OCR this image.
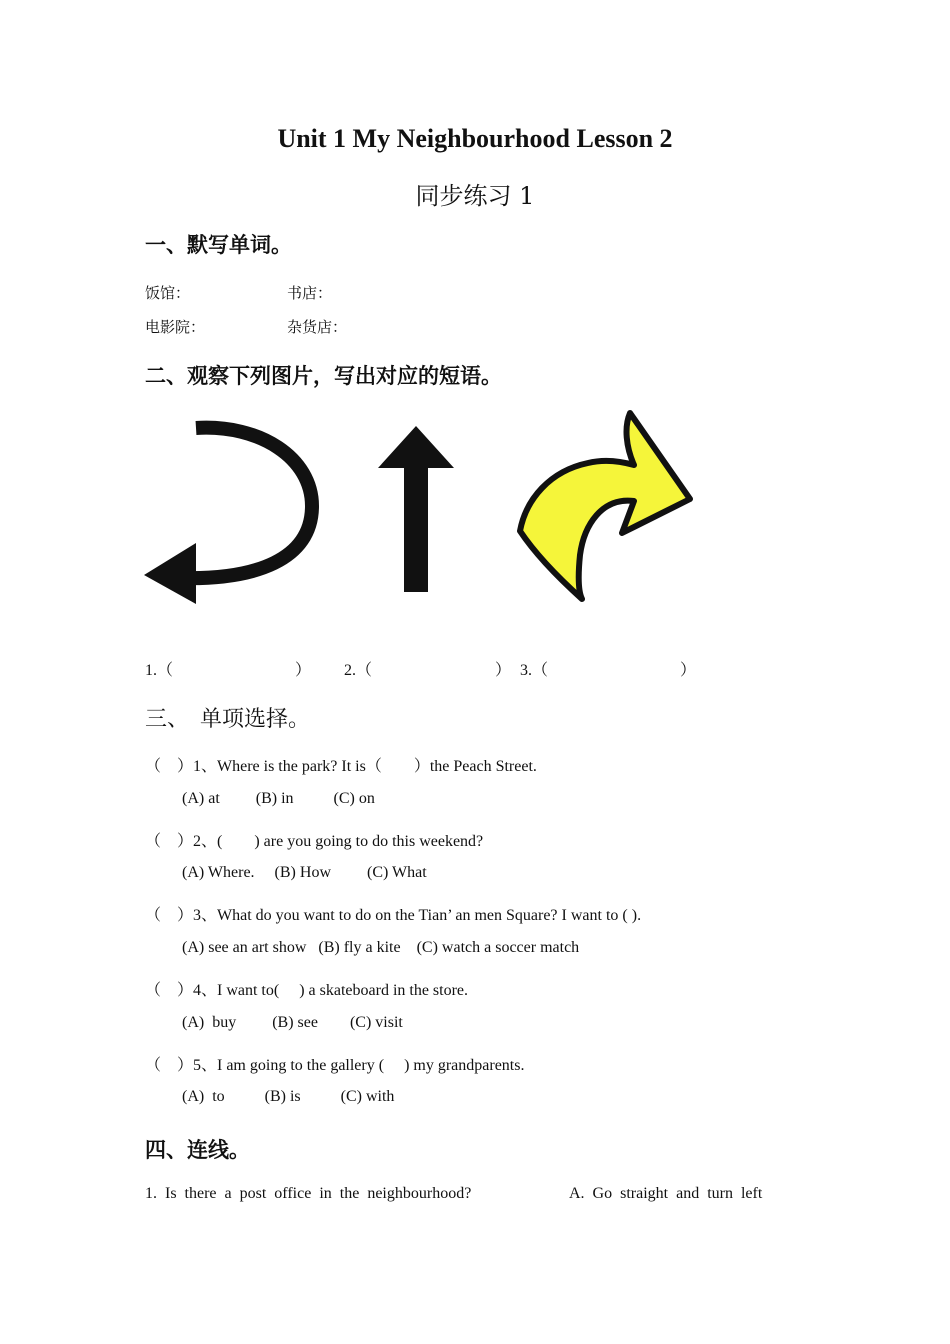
Unit 1 My Neighbourhood Lesson 2
同步练习 1
一、默写单词。
饭馆：	书店：
电影院：	杂货店：
二、观察下列图片，写出对应的短语。
1.（	） 2.（	） 3.（	）
三、　单项选择。
（　）1、Where is the park? It is（　　）the Peach Street.
(A) at         (B) in          (C) on
（　）2、(　　) are you going to do this weekend?
(A) Where.     (B) How         (C) What
（　）3、What do you want to do on the Tian’ an men Square? I want to ( ).
(A) see an art show   (B) fly a kite    (C) watch a soccer match
（　）4、I want to(　 ) a skateboard in the store.
(A)  buy         (B) see        (C) visit
（　）5、I am going to the gallery (　 ) my grandparents.
(A)  to          (B) is          (C) with
四、连线。
1.  Is  there  a  post  office  in  the  neighbourhood?	A.  Go  straight  and  turn  left
